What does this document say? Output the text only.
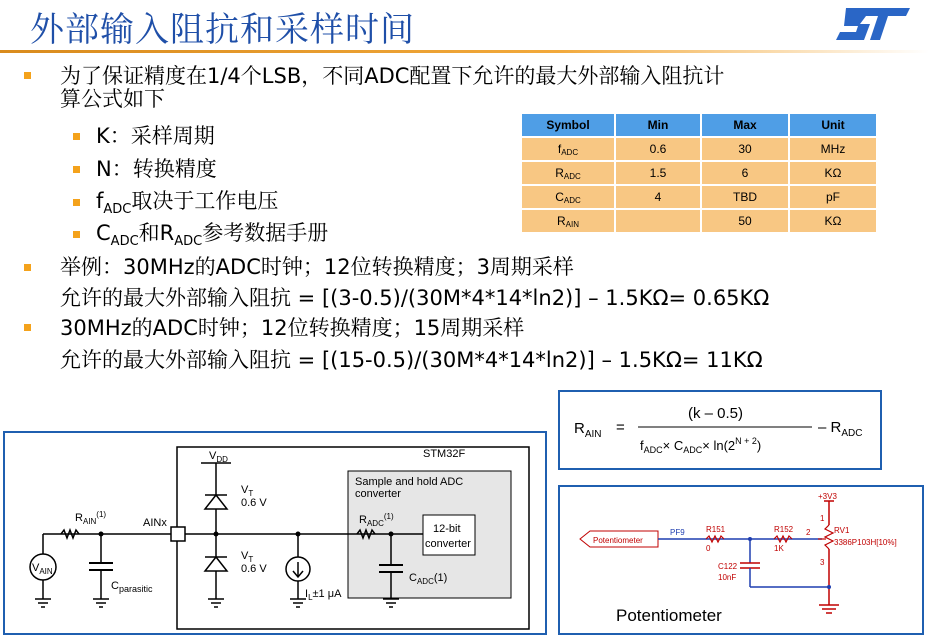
外部输入阻抗和采样时间
为了保证精度在1/4个LSB，不同ADC配置下允许的最大外部输入阻抗计
算公式如下
K：采样周期
N：转换精度
$f_{ADC}$取决于工作电压
$C_{ADC}$和$R_{ADC}$参考数据手册
举例：30MHz的ADC时钟；12位转换精度；3周期采样
允许的最大外部输入阻抗 = [(3-0.5)/(30M*4*14*ln2)] – 1.5KΩ= 0.65KΩ
30MHz的ADC时钟；12位转换精度；15周期采样
允许的最大外部输入阻抗 = [(15-0.5)/(30M*4*14*ln2)] – 1.5KΩ= 11KΩ
Symbol	Min	Max	Unit
$f_{ADC}$	0.6	30	MHz
$R_{ADC}$	1.5	6	KΩ
$C_{ADC}$	4	TBD	pF
$R_{AIN}$		50	KΩ
$R_{AIN}$ =
(k – 0.5)
$f_{ADC}\times C_{ADC}\times \ln(2^{N + 2})$
– $R_{ADC}$
STM32F
Sample and hold ADC
converter
12-bit
converter
AINx
$R_{AIN}^{(1)}$
$V_{AIN}$
$C_{parasitic}$
$V_{DD}$
$V_T$
0.6 V
$V_T$
0.6 V
$I_L\pm 1$ μA
$R_{ADC}^{(1)}$
$C_{ADC}(1)$
+3V3
1
Potentiometer
PF9	R151
0
R152
1K
2	RV1
3386P103H[10%]
3
C122
10nF
Potentiometer
